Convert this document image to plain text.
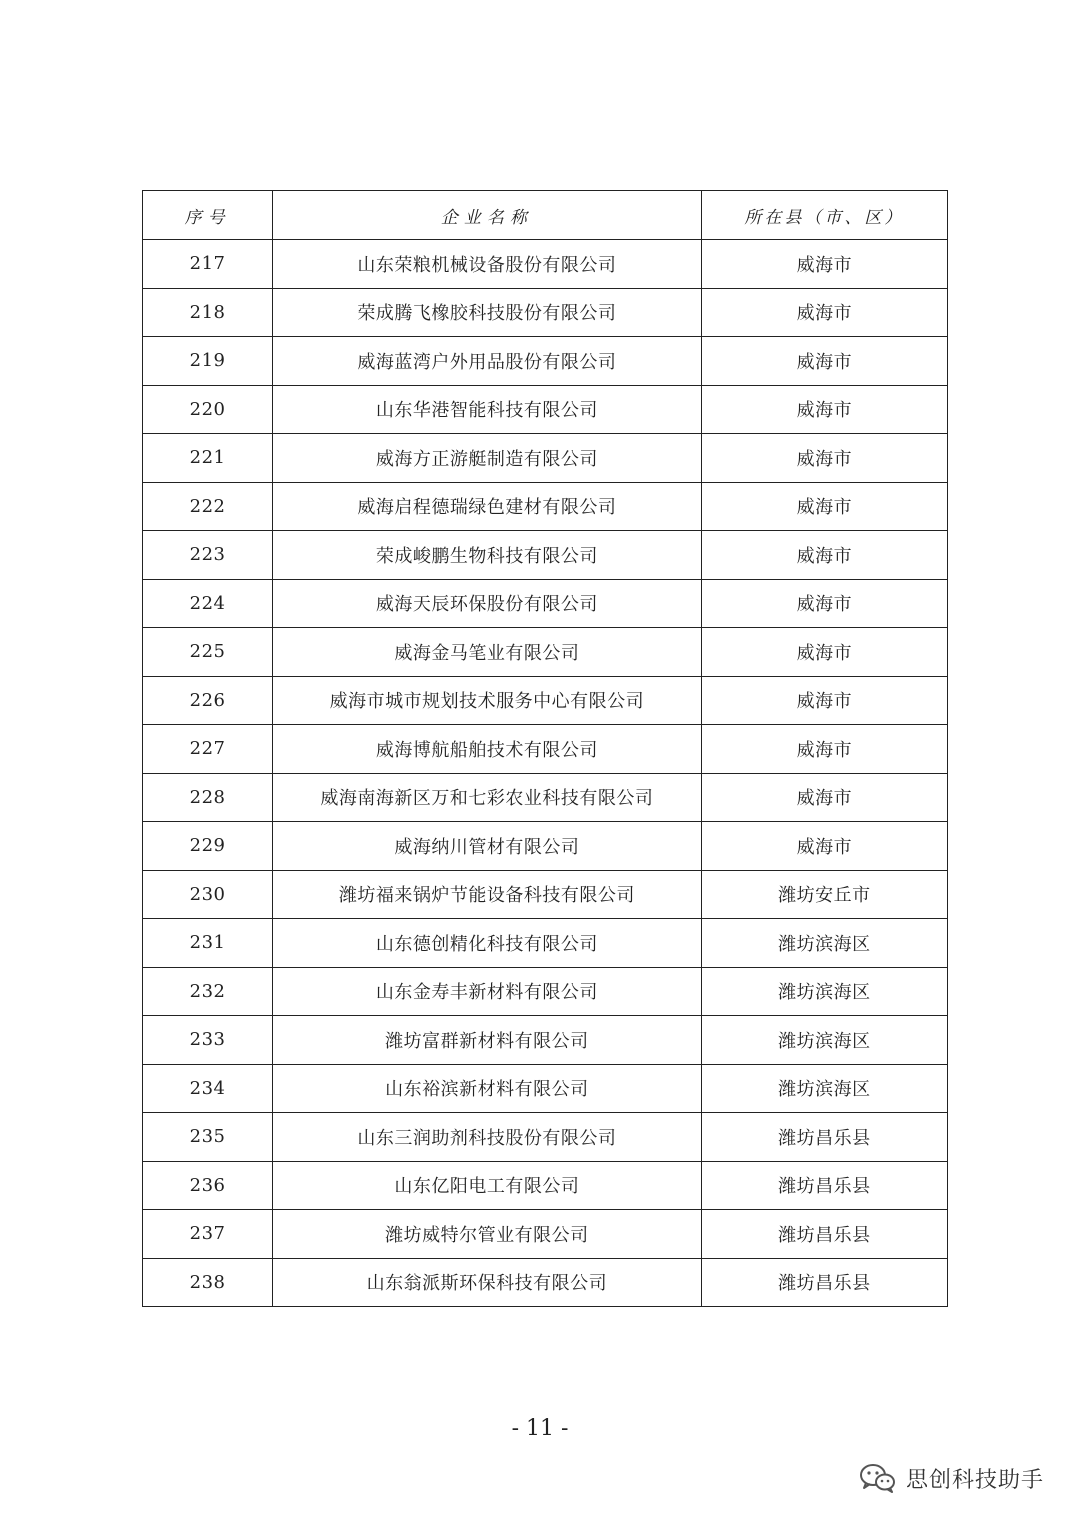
序号	企业名称	所在县（市、区）
217	山东荣粮机械设备股份有限公司	威海市
218	荣成腾飞橡胶科技股份有限公司	威海市
219	威海蓝湾户外用品股份有限公司	威海市
220	山东华港智能科技有限公司	威海市
221	威海方正游艇制造有限公司	威海市
222	威海启程德瑞绿色建材有限公司	威海市
223	荣成峻鹏生物科技有限公司	威海市
224	威海天辰环保股份有限公司	威海市
225	威海金马笔业有限公司	威海市
226	威海市城市规划技术服务中心有限公司	威海市
227	威海博航船舶技术有限公司	威海市
228	威海南海新区万和七彩农业科技有限公司	威海市
229	威海纳川管材有限公司	威海市
230	潍坊福来锅炉节能设备科技有限公司	潍坊安丘市
231	山东德创精化科技有限公司	潍坊滨海区
232	山东金寿丰新材料有限公司	潍坊滨海区
233	潍坊富群新材料有限公司	潍坊滨海区
234	山东裕滨新材料有限公司	潍坊滨海区
235	山东三润助剂科技股份有限公司	潍坊昌乐县
236	山东亿阳电工有限公司	潍坊昌乐县
237	潍坊威特尔管业有限公司	潍坊昌乐县
238	山东翁派斯环保科技有限公司	潍坊昌乐县
- 11 -
思创科技助手
